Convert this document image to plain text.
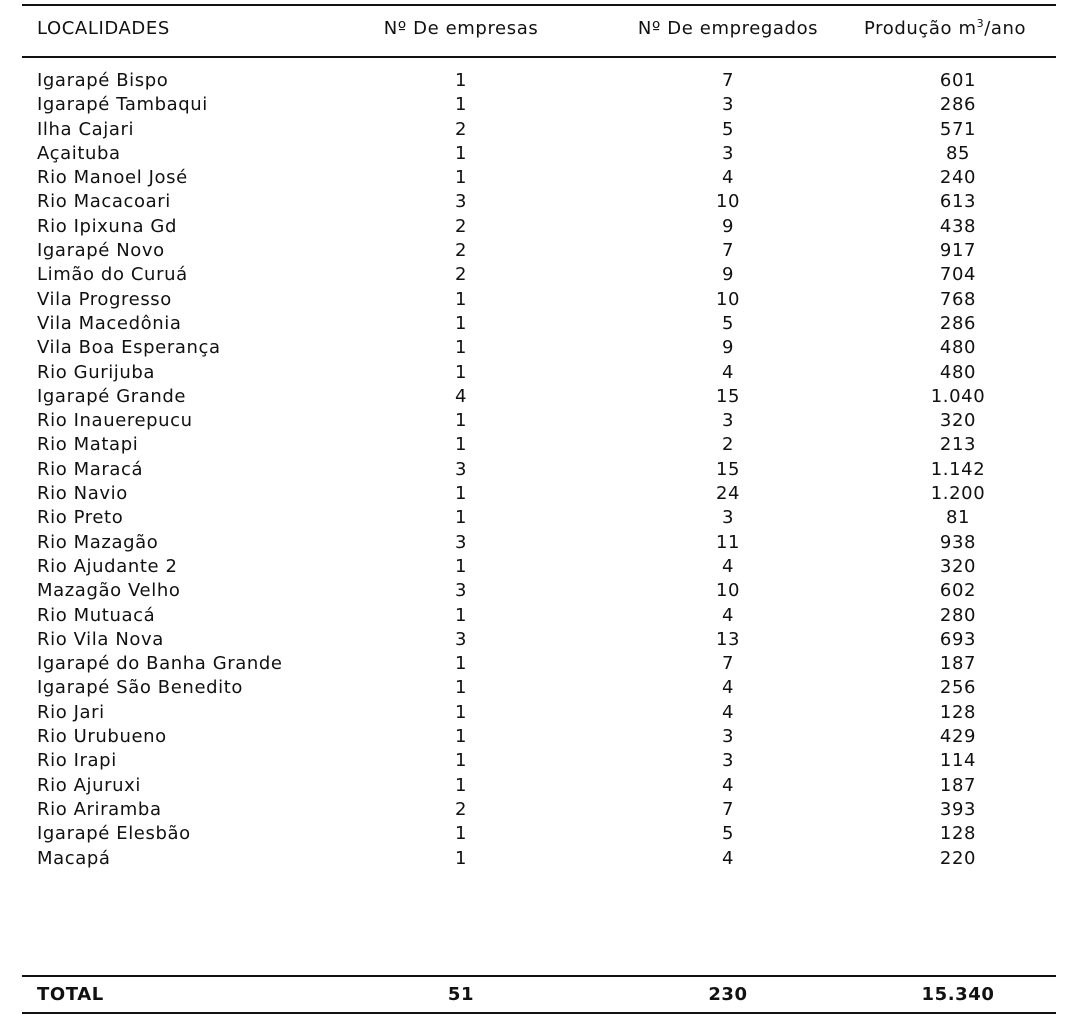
LOCALIDADES	Nº De empresas	Nº De empregados	Produção $m^3$/ano
Igarapé Bispo	1	7	601
Igarapé Tambaqui	1	3	286
Ilha Cajari	2	5	571
Açaituba	1	3	85
Rio Manoel José	1	4	240
Rio Macacoari	3	10	613
Rio Ipixuna Gd	2	9	438
Igarapé Novo	2	7	917
Limão do Curuá	2	9	704
Vila Progresso	1	10	768
Vila Macedônia	1	5	286
Vila Boa Esperança	1	9	480
Rio Gurijuba	1	4	480
Igarapé Grande	4	15	1.040
Rio Inauerepucu	1	3	320
Rio Matapi	1	2	213
Rio Maracá	3	15	1.142
Rio Navio	1	24	1.200
Rio Preto	1	3	81
Rio Mazagão	3	11	938
Rio Ajudante 2	1	4	320
Mazagão Velho	3	10	602
Rio Mutuacá	1	4	280
Rio Vila Nova	3	13	693
Igarapé do Banha Grande	1	7	187
Igarapé São Benedito	1	4	256
Rio Jari	1	4	128
Rio Urubueno	1	3	429
Rio Irapi	1	3	114
Rio Ajuruxi	1	4	187
Rio Ariramba	2	7	393
Igarapé Elesbão	1	5	128
Macapá	1	4	220
TOTAL	51	230	15.340
